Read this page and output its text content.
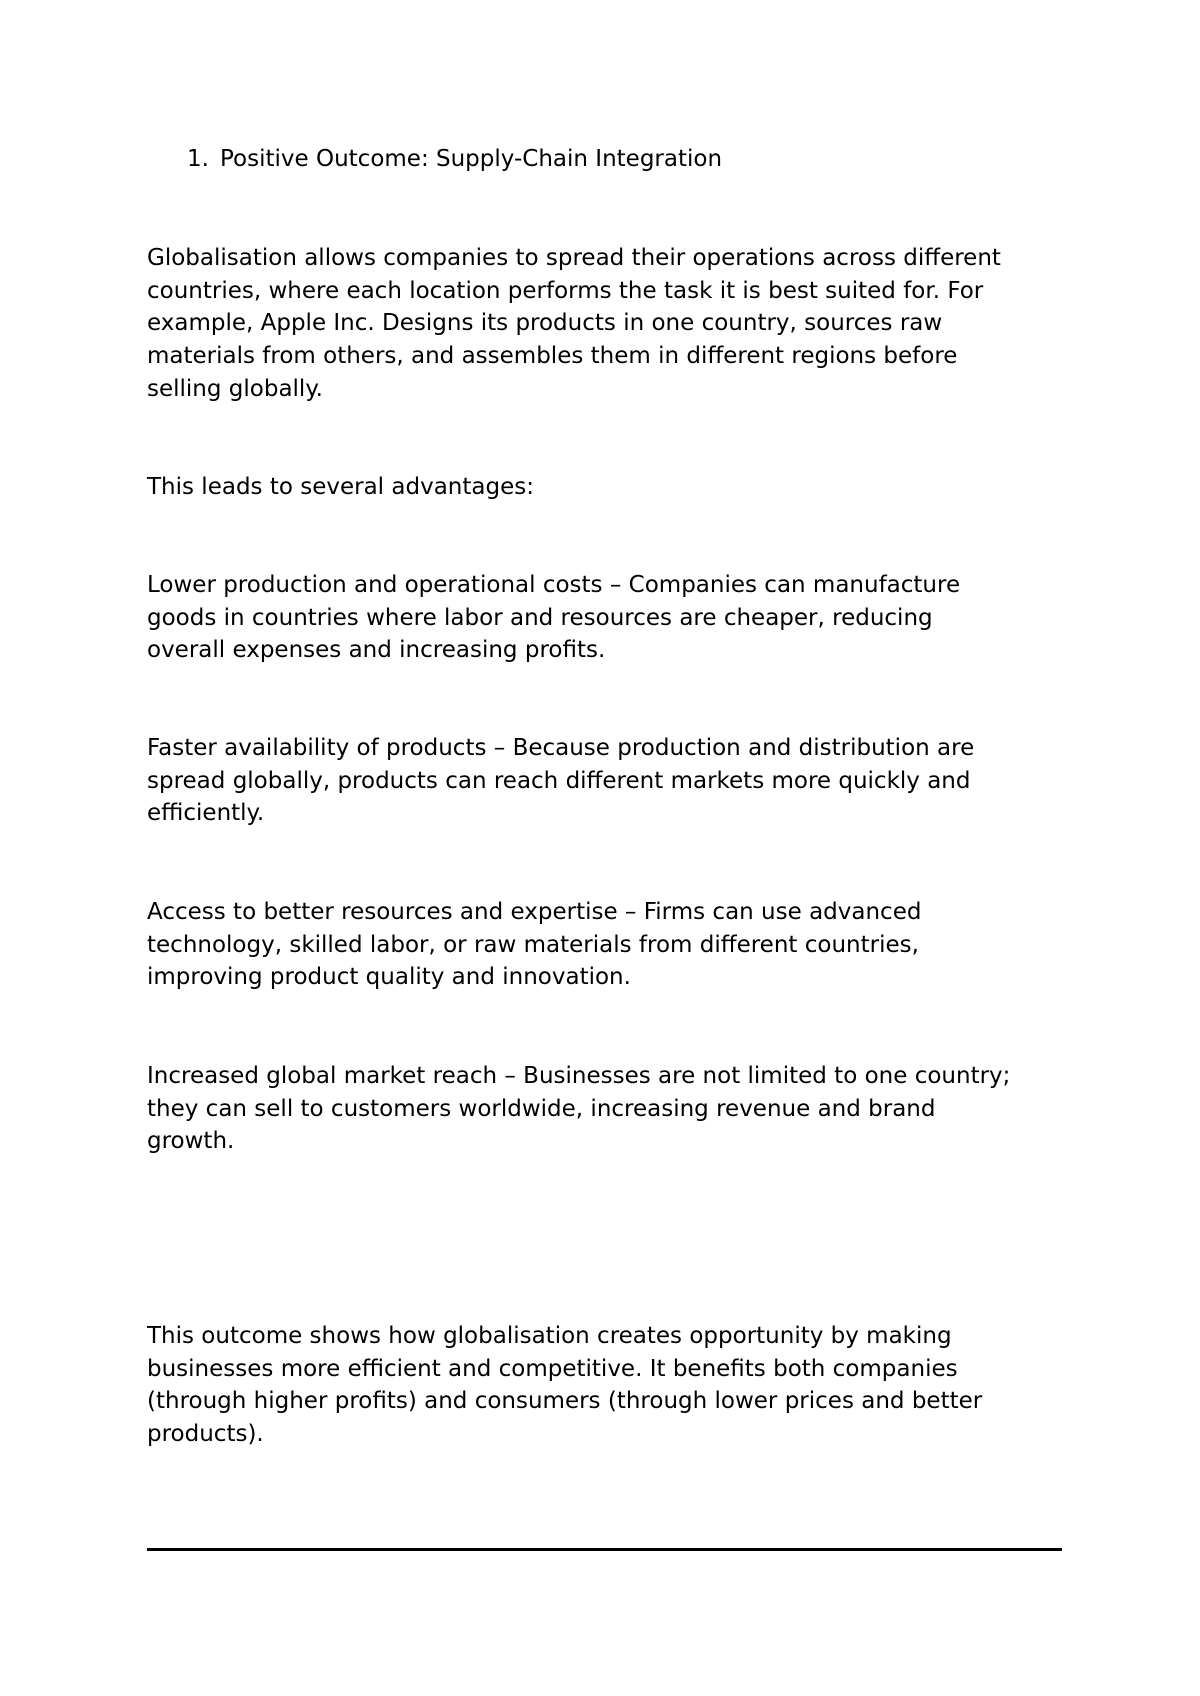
1. Positive Outcome: Supply-Chain Integration

Globalisation allows companies to spread their operations across different
countries, where each location performs the task it is best suited for. For
example, Apple Inc. Designs its products in one country, sources raw
materials from others, and assembles them in different regions before
selling globally.

This leads to several advantages:

Lower production and operational costs – Companies can manufacture
goods in countries where labor and resources are cheaper, reducing
overall expenses and increasing profits.

Faster availability of products – Because production and distribution are
spread globally, products can reach different markets more quickly and
efficiently.

Access to better resources and expertise – Firms can use advanced
technology, skilled labor, or raw materials from different countries,
improving product quality and innovation.

Increased global market reach – Businesses are not limited to one country;
they can sell to customers worldwide, increasing revenue and brand
growth.

This outcome shows how globalisation creates opportunity by making
businesses more efficient and competitive. It benefits both companies
(through higher profits) and consumers (through lower prices and better
products).
